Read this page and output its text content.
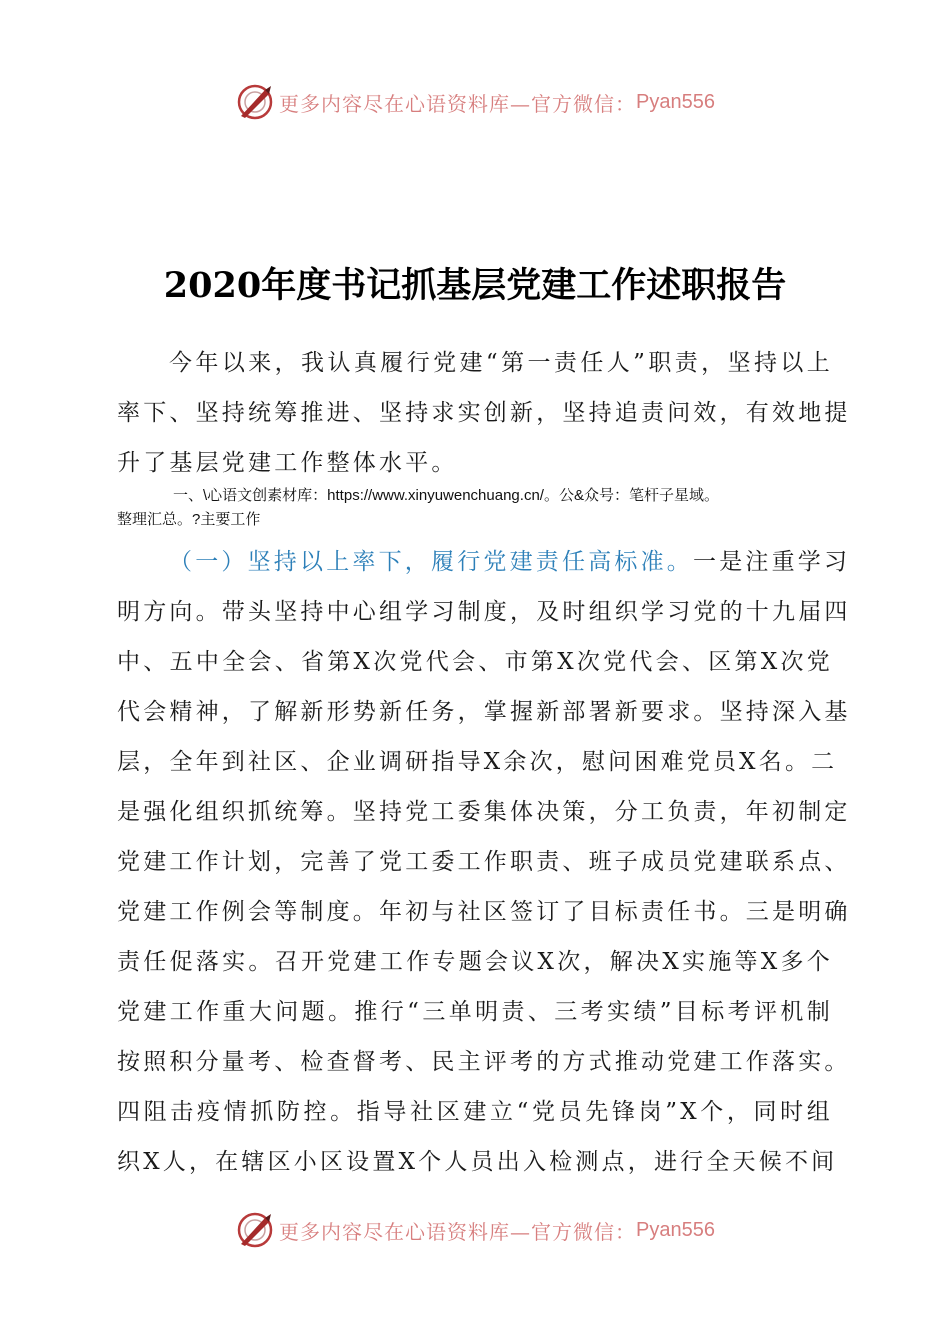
更多内容尽在心语资料库—官方微信： Pyan556
2020年度书记抓基层党建工作述职报告
今年以来，我认真履行党建“第一责任人”职责，坚持以上
率下、坚持统筹推进、坚持求实创新，坚持追责问效，有效地提
升了基层党建工作整体水平。
一、\心语文创素材库：https://www.xinyuwenchuang.cn/。公&众号：笔杆子星域。
整理汇总。?主要工作
（一）坚持以上率下，履行党建责任高标准。一是注重学习
明方向。带头坚持中心组学习制度，及时组织学习党的十九届四
中、五中全会、省第X次党代会、市第X次党代会、区第X次党
代会精神，了解新形势新任务，掌握新部署新要求。坚持深入基
层，全年到社区、企业调研指导X余次，慰问困难党员X名。二
是强化组织抓统筹。坚持党工委集体决策，分工负责，年初制定
党建工作计划，完善了党工委工作职责、班子成员党建联系点、
党建工作例会等制度。年初与社区签订了目标责任书。三是明确
责任促落实。召开党建工作专题会议X次，解决X实施等X多个
党建工作重大问题。推行“三单明责、三考实绩”目标考评机制
按照积分量考、检查督考、民主评考的方式推动党建工作落实。
四阻击疫情抓防控。指导社区建立“党员先锋岗”X个，同时组
织X人，在辖区小区设置X个人员出入检测点，进行全天候不间
更多内容尽在心语资料库—官方微信： Pyan556
